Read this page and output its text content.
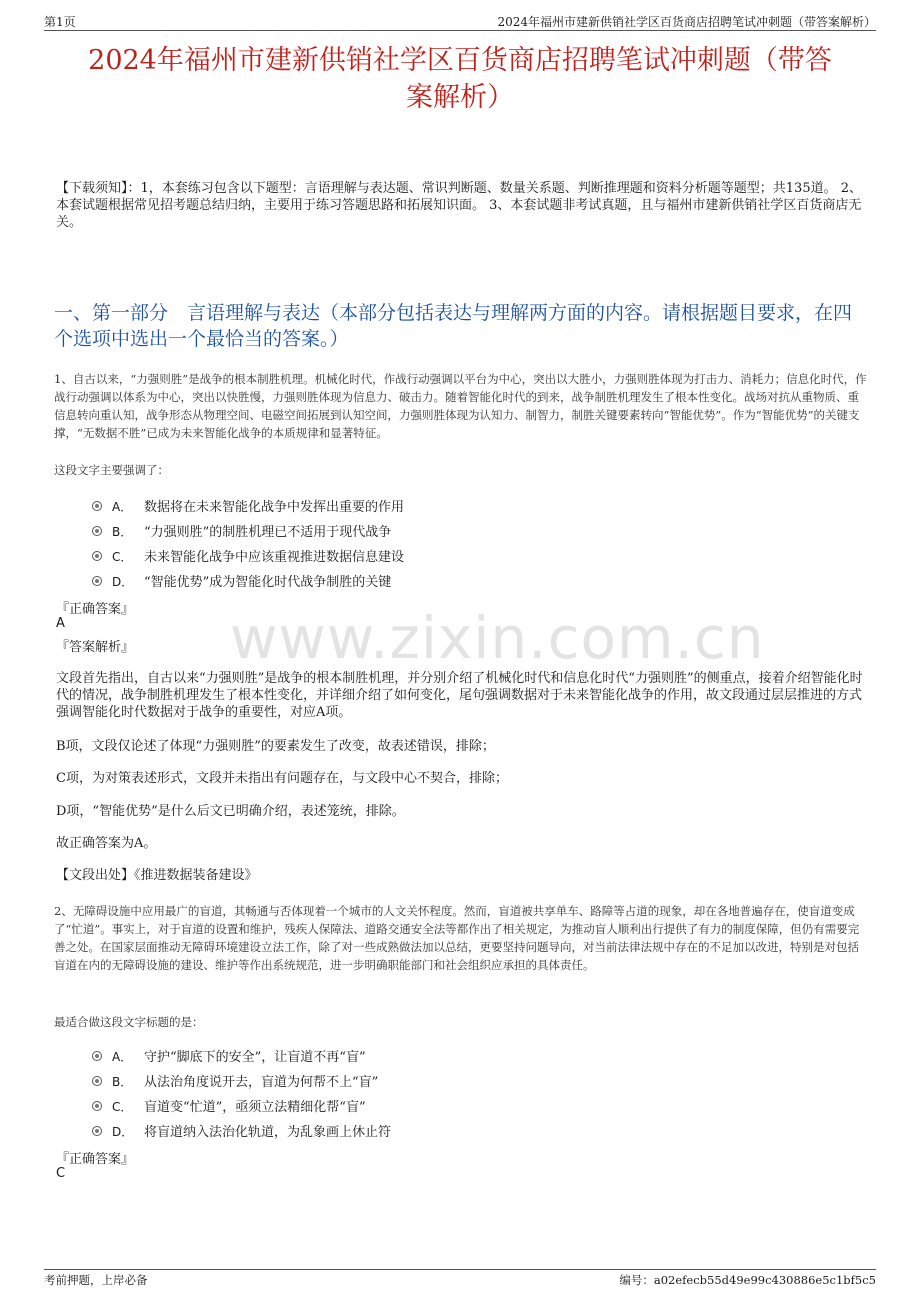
第1页	2024年福州市建新供销社学区百货商店招聘笔试冲刺题（带答案解析）
2024年福州市建新供销社学区百货商店招聘笔试冲刺题（带答
案解析）
【下载须知】：1，本套练习包含以下题型：言语理解与表达题、常识判断题、数量关系题、判断推理题和资料分析题等题型；共135道。 2、本套试题根据常见招考题总结归纳，主要用于练习答题思路和拓展知识面。 3、本套试题非考试真题，且与福州市建新供销社学区百货商店无关。
一、第一部分　言语理解与表达（本部分包括表达与理解两方面的内容。请根据题目要求，在四个选项中选出一个最恰当的答案。）
www.zixin.com.cn
1、自古以来，“力强则胜”是战争的根本制胜机理。机械化时代，作战行动强调以平台为中心，突出以大胜小，力强则胜体现为打击力、消耗力；信息化时代，作战行动强调以体系为中心，突出以快胜慢，力强则胜体现为信息力、破击力。随着智能化时代的到来，战争制胜机理发生了根本性变化。战场对抗从重物质、重信息转向重认知，战争形态从物理空间、电磁空间拓展到认知空间，力强则胜体现为认知力、制智力，制胜关键要素转向“智能优势”。作为“智能优势”的关键支撑，“无数据不胜”已成为未来智能化战争的本质规律和显著特征。
这段文字主要强调了：
A． 数据将在未来智能化战争中发挥出重要的作用
B． “力强则胜”的制胜机理已不适用于现代战争
C． 未来智能化战争中应该重视推进数据信息建设
D． “智能优势”成为智能化时代战争制胜的关键
『正确答案』
A
『答案解析』
文段首先指出，自古以来“力强则胜”是战争的根本制胜机理，并分别介绍了机械化时代和信息化时代“力强则胜”的侧重点，接着介绍智能化时代的情况，战争制胜机理发生了根本性变化，并详细介绍了如何变化，尾句强调数据对于未来智能化战争的作用，故文段通过层层推进的方式强调智能化时代数据对于战争的重要性，对应A项。
B项，文段仅论述了体现“力强则胜”的要素发生了改变，故表述错误，排除；
C项，为对策表述形式，文段并未指出有问题存在，与文段中心不契合，排除；
D项，“智能优势”是什么后文已明确介绍，表述笼统，排除。
故正确答案为A。
【文段出处】《推进数据装备建设》
2、无障碍设施中应用最广的盲道，其畅通与否体现着一个城市的人文关怀程度。然而，盲道被共享单车、路障等占道的现象，却在各地普遍存在，使盲道变成了“忙道”。事实上，对于盲道的设置和维护，残疾人保障法、道路交通安全法等都作出了相关规定，为推动盲人顺利出行提供了有力的制度保障，但仍有需要完善之处。在国家层面推动无障碍环境建设立法工作，除了对一些成熟做法加以总结，更要坚持问题导向，对当前法律法规中存在的不足加以改进，特别是对包括盲道在内的无障碍设施的建设、维护等作出系统规范，进一步明确职能部门和社会组织应承担的具体责任。
最适合做这段文字标题的是：
A． 守护“脚底下的安全”，让盲道不再“盲”
B． 从法治角度说开去，盲道为何帮不上“盲”
C． 盲道变“忙道”，亟须立法精细化帮“盲”
D． 将盲道纳入法治化轨道，为乱象画上休止符
『正确答案』
C
考前押题，上岸必备	编号：a02efecb55d49e99c430886e5c1bf5c5
